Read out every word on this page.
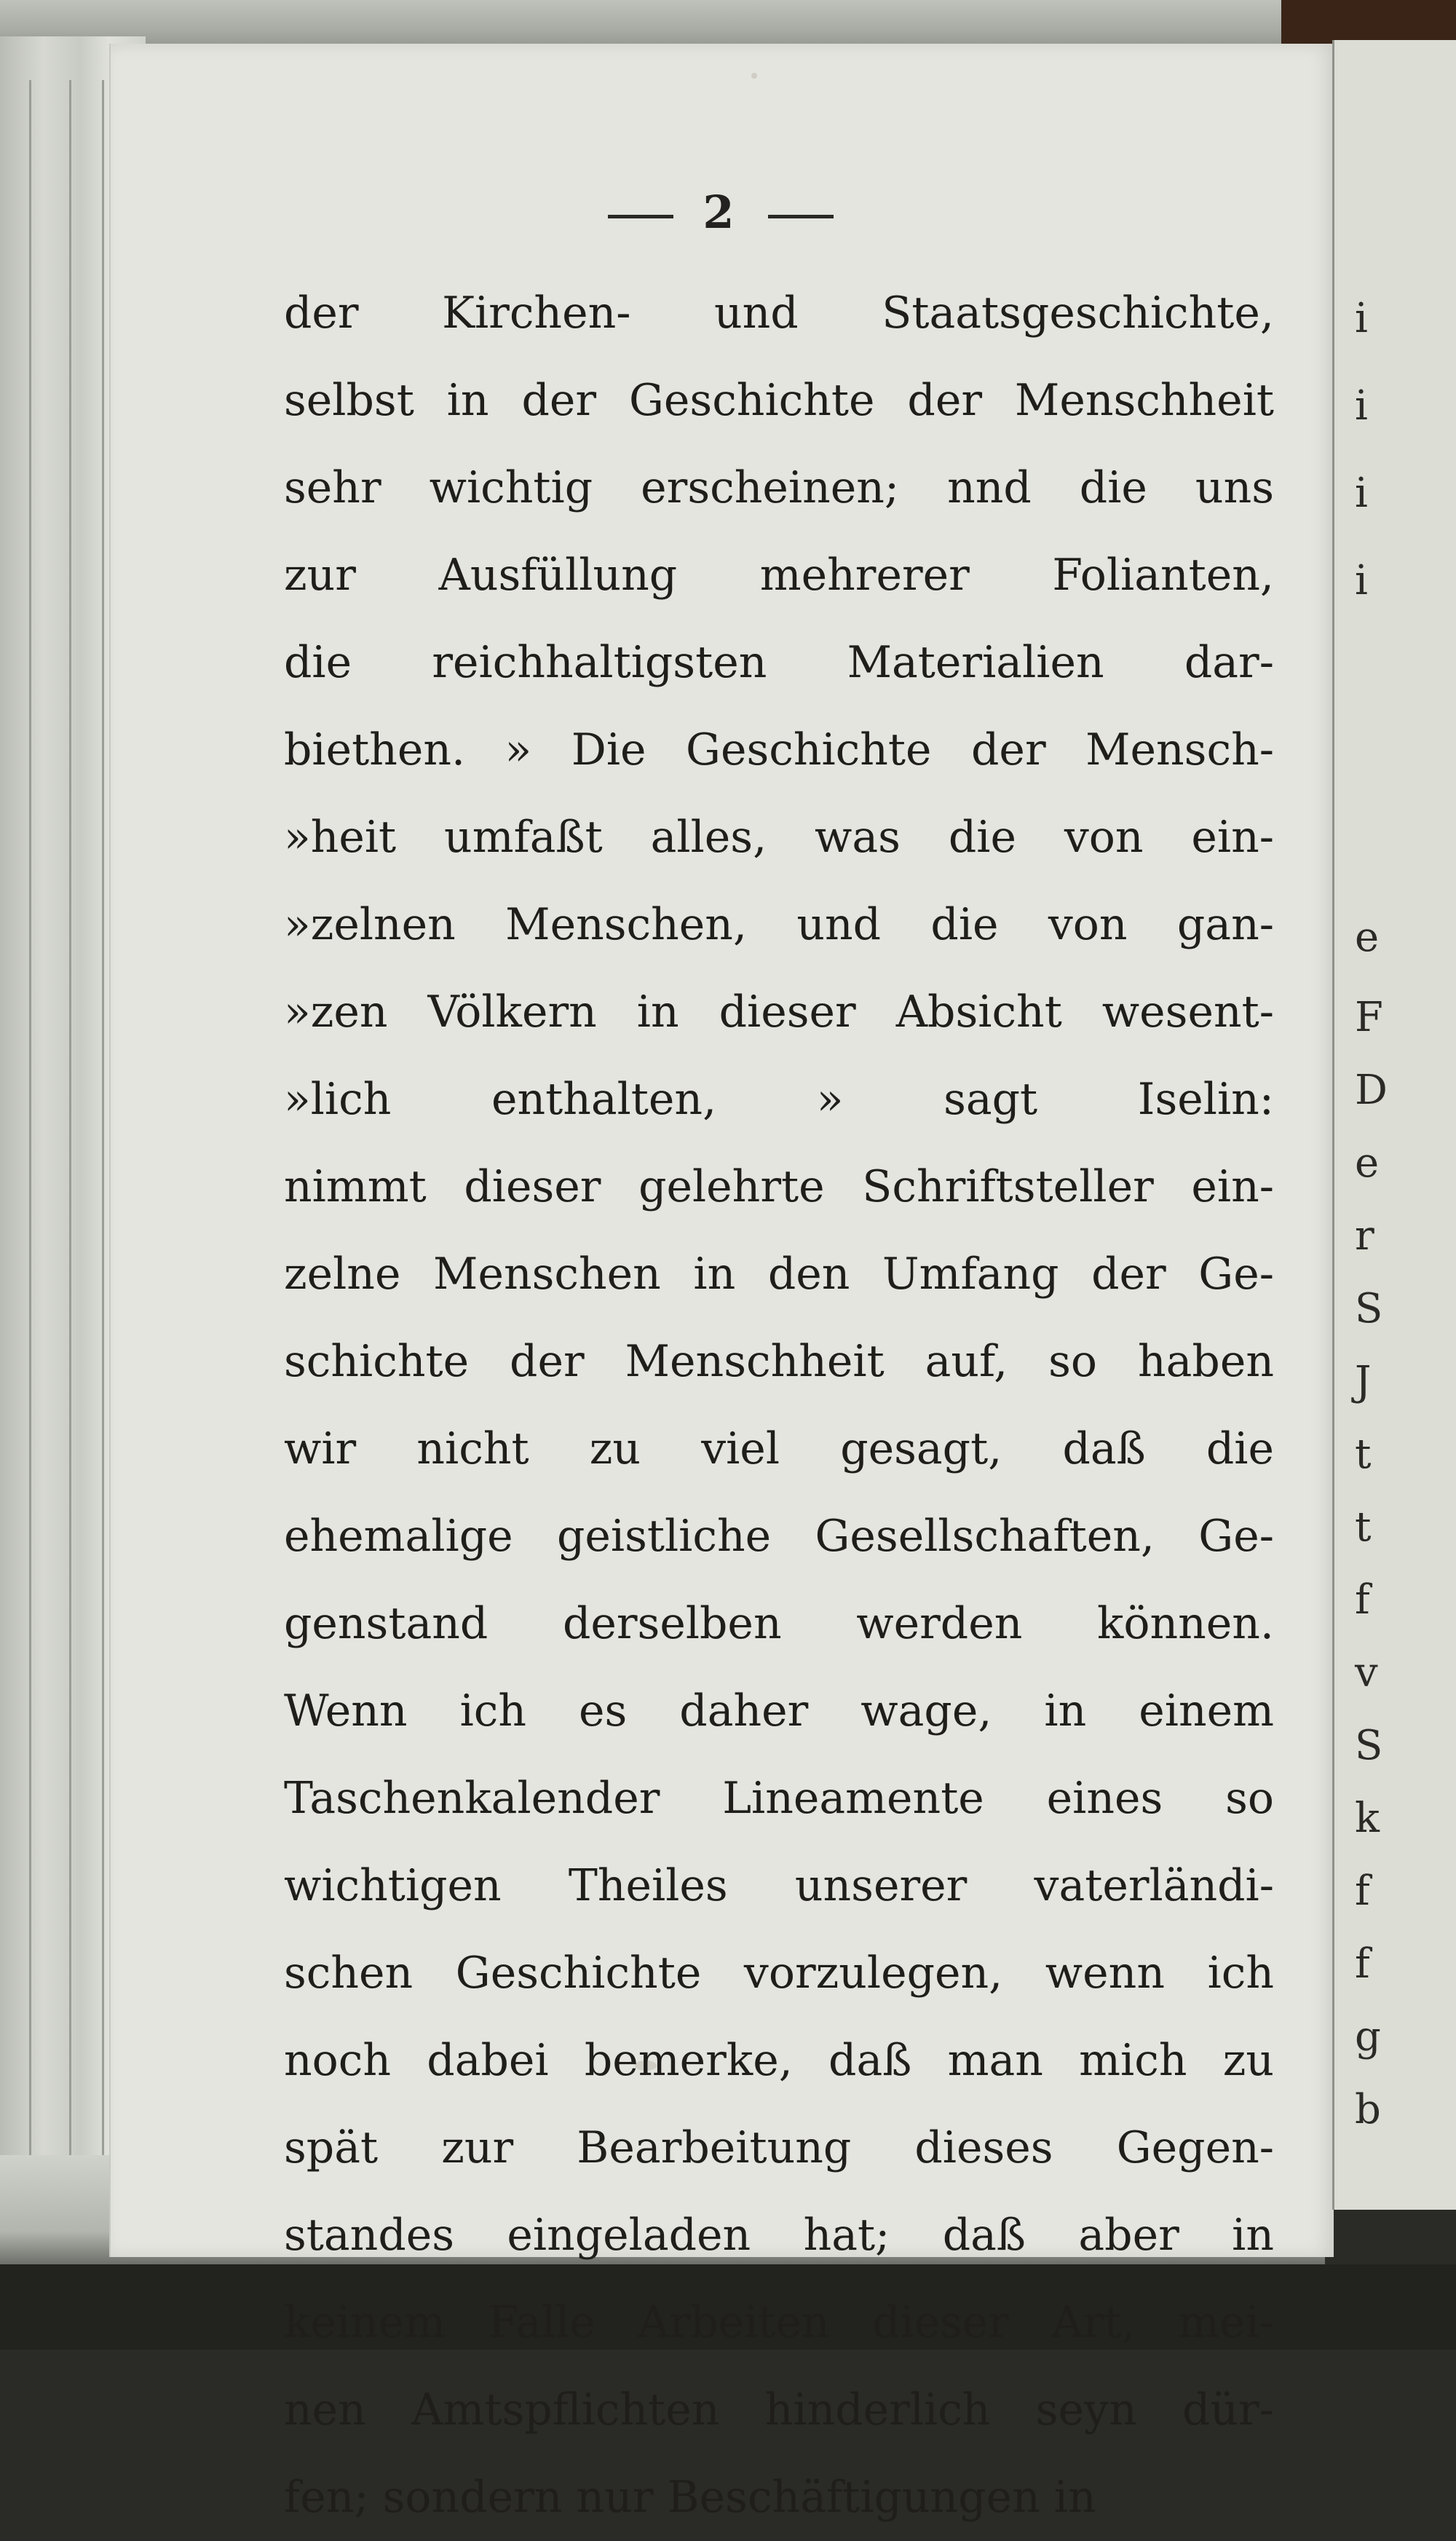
i
i
i
i
e
F
D
e
r
S
J
t
t
f
v
S
k
f
f
g
b
2
der Kirchen- und Staatsgeschichte,
selbst in der Geschichte der Menschheit
sehr wichtig erscheinen; nnd die uns
zur Ausfüllung mehrerer Folianten,
die reichhaltigsten Materialien dar-
biethen. » Die Geschichte der Mensch-
»heit umfaßt alles, was die von ein-
»zelnen Menschen, und die von gan-
»zen Völkern in dieser Absicht wesent-
»lich enthalten, » sagt Iselin:
nimmt dieser gelehrte Schriftsteller ein-
zelne Menschen in den Umfang der Ge-
schichte der Menschheit auf, so haben
wir nicht zu viel gesagt, daß die
ehemalige geistliche Gesellschaften, Ge-
genstand derselben werden können.
Wenn ich es daher wage, in einem
Taschenkalender Lineamente eines so
wichtigen Theiles unserer vaterländi-
schen Geschichte vorzulegen, wenn ich
noch dabei bemerke, daß man mich zu
spät zur Bearbeitung dieses Gegen-
standes eingeladen hat; daß aber in
keinem Falle Arbeiten dieser Art, mei-
nen Amtspflichten hinderlich seyn dür-
fen; sondern nur Beschäftigungen in
